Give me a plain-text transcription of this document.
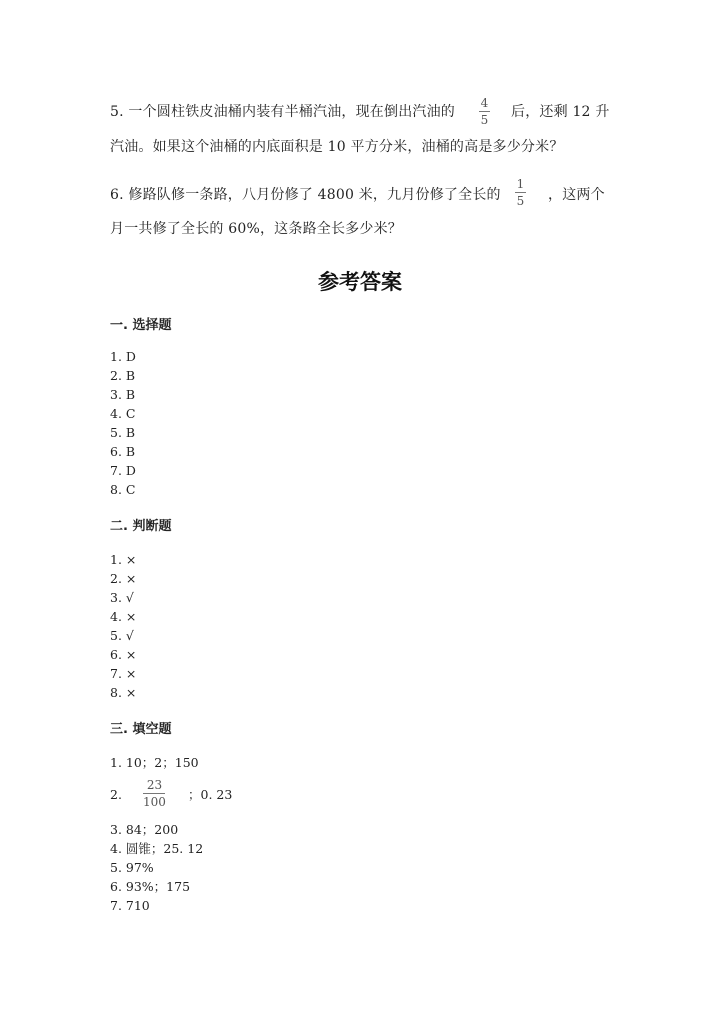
5. 一个圆柱铁皮油桶内装有半桶汽油，现在倒出汽油的
4
5 后，还剩 12 升
汽油。如果这个油桶的内底面积是 10 平方分米，油桶的高是多少分米？
6. 修路队修一条路，八月份修了 4800 米，九月份修了全长的
1
5 ，这两个
月一共修了全长的 60%，这条路全长多少米？
参考答案
一. 选择题
1. D
2. B
3. B
4. C
5. B
6. B
7. D
8. C
二. 判断题
1. ×
2. ×
3. √
4. ×
5. √
6. ×
7. ×
8. ×
三. 填空题
1. 10；2；150
2.
23
100 ；0. 23
3. 84；200
4. 圆锥；25. 12
5. 97%
6. 93%；175
7. 710
